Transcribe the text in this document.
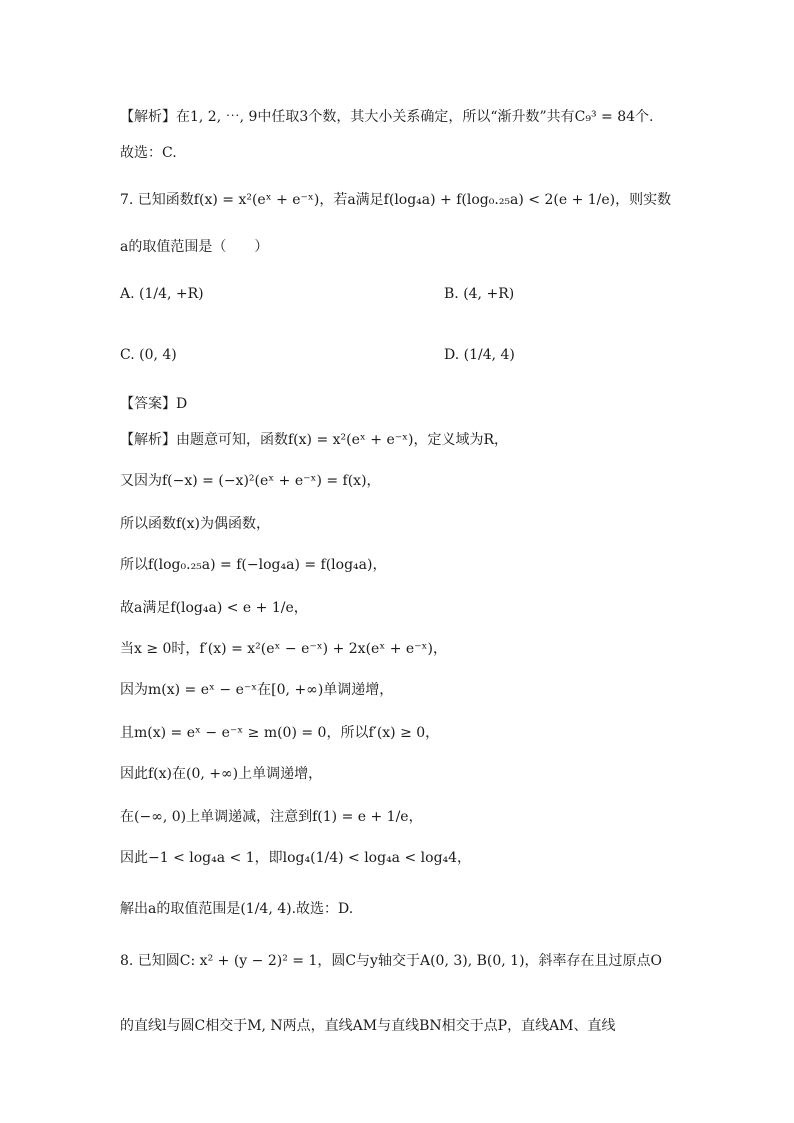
【解析】在1, 2, ⋯, 9中任取3个数，其大小关系确定，所以“渐升数”共有C₉³ = 84个.
故选：C.
7. 已知函数f(x) = x²(eˣ + e⁻ˣ)，若a满足f(log₄a) + f(log₀.₂₅a) < 2(e + 1/e)，则实数
a的取值范围是（　　）
A. (1/4, +R)	B. (4, +R)
C. (0, 4)	D. (1/4, 4)
【答案】D
【解析】由题意可知，函数f(x) = x²(eˣ + e⁻ˣ)，定义域为R，
又因为f(−x) = (−x)²(eˣ + e⁻ˣ) = f(x)，
所以函数f(x)为偶函数，
所以f(log₀.₂₅a) = f(−log₄a) = f(log₄a)，
故a满足f(log₄a) < e + 1/e，
当x ≥ 0时，f′(x) = x²(eˣ − e⁻ˣ) + 2x(eˣ + e⁻ˣ)，
因为m(x) = eˣ − e⁻ˣ在[0, +∞)单调递增，
且m(x) = eˣ − e⁻ˣ ≥ m(0) = 0，所以f′(x) ≥ 0，
因此f(x)在(0, +∞)上单调递增，
在(−∞, 0)上单调递减，注意到f(1) = e + 1/e，
因此−1 < log₄a < 1，即log₄(1/4) < log₄a < log₄4，
解出a的取值范围是(1/4, 4).故选：D.
8. 已知圆C: x² + (y − 2)² = 1，圆C与y轴交于A(0, 3), B(0, 1)，斜率存在且过原点O
的直线l与圆C相交于M, N两点，直线AM与直线BN相交于点P，直线AM、直线
